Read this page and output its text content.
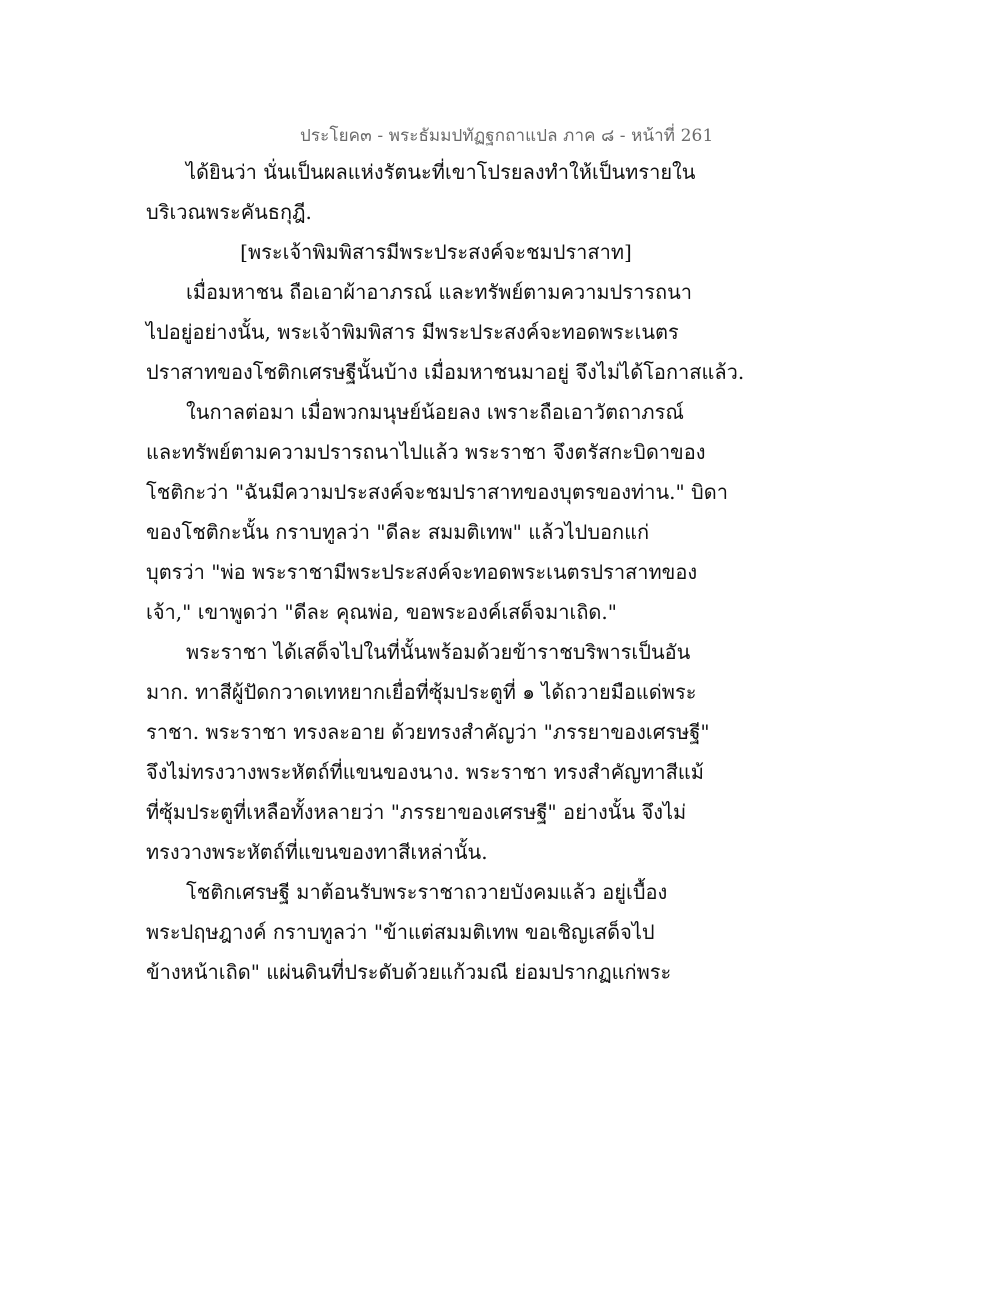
ประโยค๓ - พระธัมมปทัฏฐกถาแปล ภาค ๘ - หน้าที่ 261
ได้ยินว่า นั่นเป็นผลแห่งรัตนะที่เขาโปรยลงทำให้เป็นทรายใน
บริเวณพระคันธกุฎี.
[พระเจ้าพิมพิสารมีพระประสงค์จะชมปราสาท]
เมื่อมหาชน ถือเอาผ้าอาภรณ์ และทรัพย์ตามความปรารถนา
ไปอยู่อย่างนั้น, พระเจ้าพิมพิสาร มีพระประสงค์จะทอดพระเนตร
ปราสาทของโชติกเศรษฐีนั้นบ้าง เมื่อมหาชนมาอยู่ จึงไม่ได้โอกาสแล้ว.
ในกาลต่อมา เมื่อพวกมนุษย์น้อยลง เพราะถือเอาวัตถาภรณ์
และทรัพย์ตามความปรารถนาไปแล้ว พระราชา จึงตรัสกะบิดาของ
โชติกะว่า "ฉันมีความประสงค์จะชมปราสาทของบุตรของท่าน." บิดา
ของโชติกะนั้น กราบทูลว่า "ดีละ สมมติเทพ" แล้วไปบอกแก่
บุตรว่า "พ่อ พระราชามีพระประสงค์จะทอดพระเนตรปราสาทของ
เจ้า," เขาพูดว่า "ดีละ คุณพ่อ, ขอพระองค์เสด็จมาเถิด."
พระราชา ได้เสด็จไปในที่นั้นพร้อมด้วยข้าราชบริพารเป็นอัน
มาก. ทาสีผู้ปัดกวาดเทหยากเยื่อที่ซุ้มประตูที่ ๑ ได้ถวายมือแด่พระ
ราชา. พระราชา ทรงละอาย ด้วยทรงสำคัญว่า "ภรรยาของเศรษฐี"
จึงไม่ทรงวางพระหัตถ์ที่แขนของนาง. พระราชา ทรงสำคัญทาสีแม้
ที่ซุ้มประตูที่เหลือทั้งหลายว่า "ภรรยาของเศรษฐี" อย่างนั้น จึงไม่
ทรงวางพระหัตถ์ที่แขนของทาสีเหล่านั้น.
โชติกเศรษฐี มาต้อนรับพระราชาถวายบังคมแล้ว อยู่เบื้อง
พระปฤษฎางค์ กราบทูลว่า "ข้าแต่สมมติเทพ ขอเชิญเสด็จไป
ข้างหน้าเถิด" แผ่นดินที่ประดับด้วยแก้วมณี ย่อมปรากฏแก่พระ
